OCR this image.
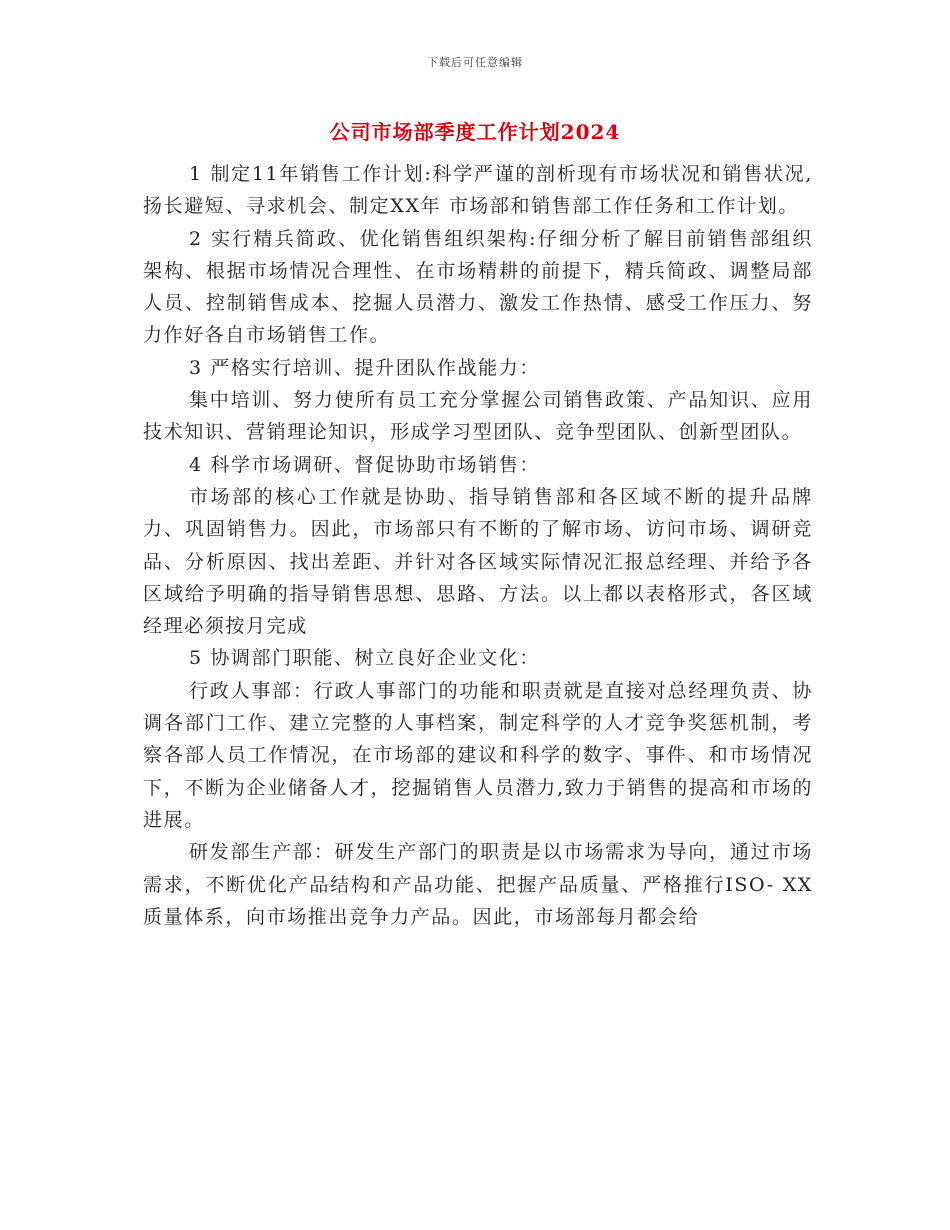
下载后可任意编辑
公司市场部季度工作计划2024

1 制定11年销售工作计划:科学严谨的剖析现有市场状况和销售状况,扬长避短、寻求机会、制定XX年 市场部和销售部工作任务和工作计划。

2 实行精兵简政、优化销售组织架构:仔细分析了解目前销售部组织架构、根据市场情况合理性、在市场精耕的前提下，精兵简政、调整局部人员、控制销售成本、挖掘人员潜力、激发工作热情、感受工作压力、努力作好各自市场销售工作。

3 严格实行培训、提升团队作战能力：

集中培训、努力使所有员工充分掌握公司销售政策、产品知识、应用技术知识、营销理论知识，形成学习型团队、竞争型团队、创新型团队。

4 科学市场调研、督促协助市场销售：

市场部的核心工作就是协助、指导销售部和各区域不断的提升品牌力、巩固销售力。因此，市场部只有不断的了解市场、访问市场、调研竞品、分析原因、找出差距、并针对各区域实际情况汇报总经理、并给予各区域给予明确的指导销售思想、思路、方法。以上都以表格形式，各区域经理必须按月完成

5 协调部门职能、树立良好企业文化：

行政人事部：行政人事部门的功能和职责就是直接对总经理负责、协调各部门工作、建立完整的人事档案，制定科学的人才竞争奖惩机制，考察各部人员工作情况，在市场部的建议和科学的数字、事件、和市场情况下，不断为企业储备人才，挖掘销售人员潜力,致力于销售的提高和市场的进展。

研发部生产部：研发生产部门的职责是以市场需求为导向，通过市场需求，不断优化产品结构和产品功能、把握产品质量、严格推行ISO- XX质量体系，向市场推出竞争力产品。因此，市场部每月都会给
